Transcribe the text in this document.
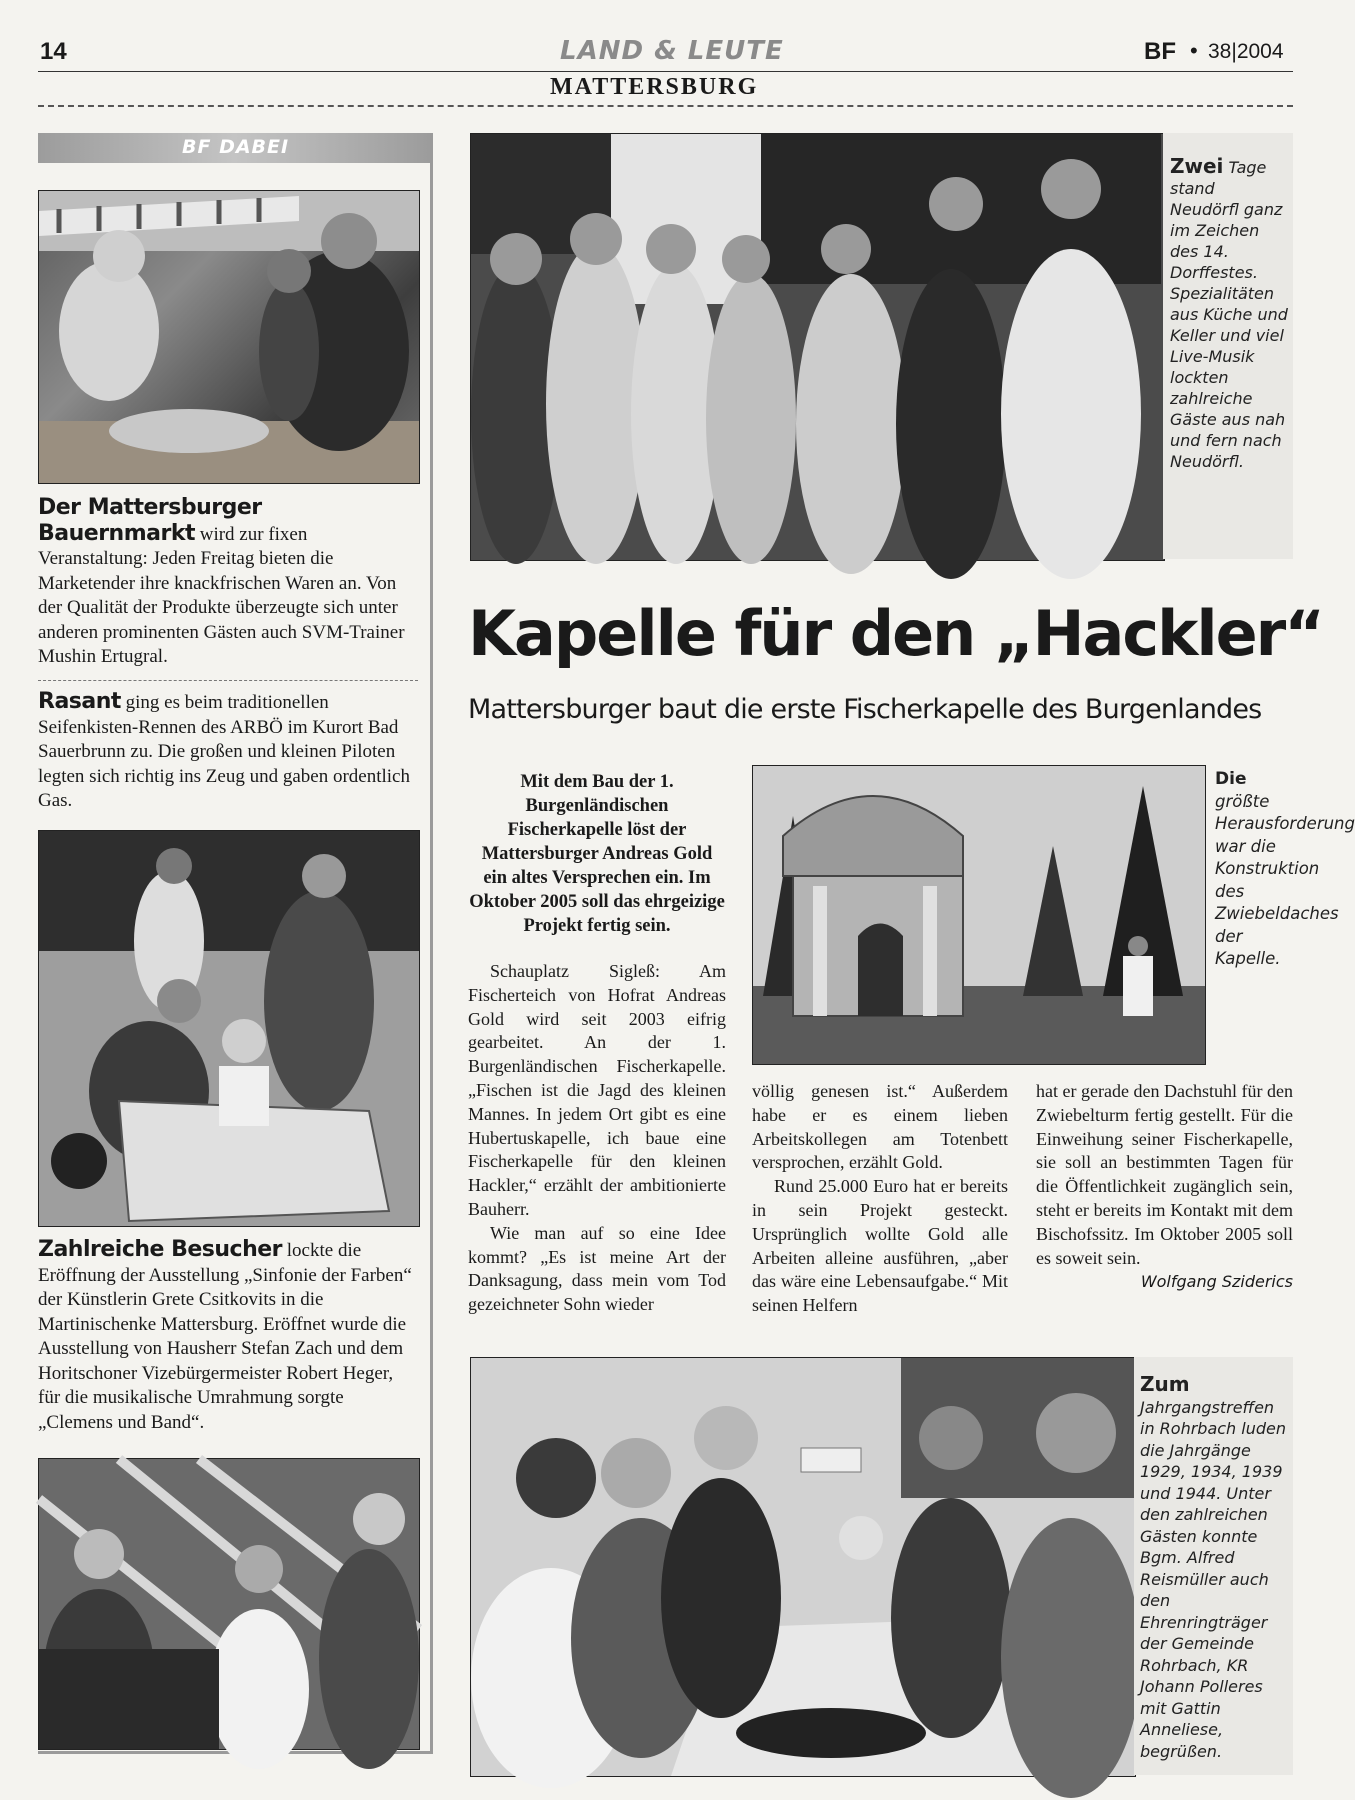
14	LAND & LEUTE	BF • 38|2004
MATTERSBURG
BF DABEI
Der Mattersburger Bauernmarkt wird zur fixen Veranstaltung: Jeden Freitag bieten die Marketender ihre knackfrischen Waren an. Von der Qualität der Produkte überzeugte sich unter anderen prominenten Gästen auch SVM-Trainer Mushin Ertugral.
Rasant ging es beim traditionellen Seifenkisten-Rennen des ARBÖ im Kurort Bad Sauerbrunn zu. Die großen und kleinen Piloten legten sich richtig ins Zeug und gaben ordentlich Gas.
Zahlreiche Besucher lockte die Eröffnung der Ausstellung „Sinfonie der Farben“ der Künstlerin Grete Csitkovits in die Martinischenke Mattersburg. Eröffnet wurde die Ausstellung von Hausherr Stefan Zach und dem Horitschoner Vizebürgermeister Robert Heger, für die musikalische Umrahmung sorgte „Clemens und Band“.
Zwei Tage stand Neudörfl ganz im Zeichen des 14. Dorffestes. Spezialitäten aus Küche und Keller und viel Live-Musik lockten zahlreiche Gäste aus nah und fern nach Neudörfl.
Kapelle für den „Hackler“
Mattersburger baut die erste Fischerkapelle des Burgenlandes
Mit dem Bau der 1. Burgenländischen Fischerkapelle löst der Mattersburger Andreas Gold ein altes Versprechen ein. Im Oktober 2005 soll das ehrgeizige Projekt fertig sein.
Schauplatz Sigleß: Am Fischerteich von Hofrat Andreas Gold wird seit 2003 eifrig gearbeitet. An der 1. Burgenländischen Fischerkapelle. „Fischen ist die Jagd des kleinen Mannes. In jedem Ort gibt es eine Hubertuskapelle, ich baue eine Fischerkapelle für den kleinen Hackler,“ erzählt der ambitionierte Bauherr.
Wie man auf so eine Idee kommt? „Es ist meine Art der Danksagung, dass mein vom Tod gezeichneter Sohn wieder
Die größte Herausforderung war die Konstruktion des Zwiebeldaches der Kapelle.
völlig genesen ist.“ Außerdem habe er es einem lieben Arbeitskollegen am Totenbett versprochen, erzählt Gold.
Rund 25.000 Euro hat er bereits in sein Projekt gesteckt. Ursprünglich wollte Gold alle Arbeiten alleine ausführen, „aber das wäre eine Lebensaufgabe.“ Mit seinen Helfern
hat er gerade den Dachstuhl für den Zwiebelturm fertig gestellt. Für die Einweihung seiner Fischerkapelle, sie soll an bestimmten Tagen für die Öffentlichkeit zugänglich sein, steht er bereits im Kontakt mit dem Bischofssitz. Im Oktober 2005 soll es soweit sein.
Wolfgang Sziderics
Zum Jahrgangstreffen in Rohrbach luden die Jahrgänge 1929, 1934, 1939 und 1944. Unter den zahlreichen Gästen konnte Bgm. Alfred Reismüller auch den Ehrenringträger der Gemeinde Rohrbach, KR Johann Polleres mit Gattin Anneliese, begrüßen.
